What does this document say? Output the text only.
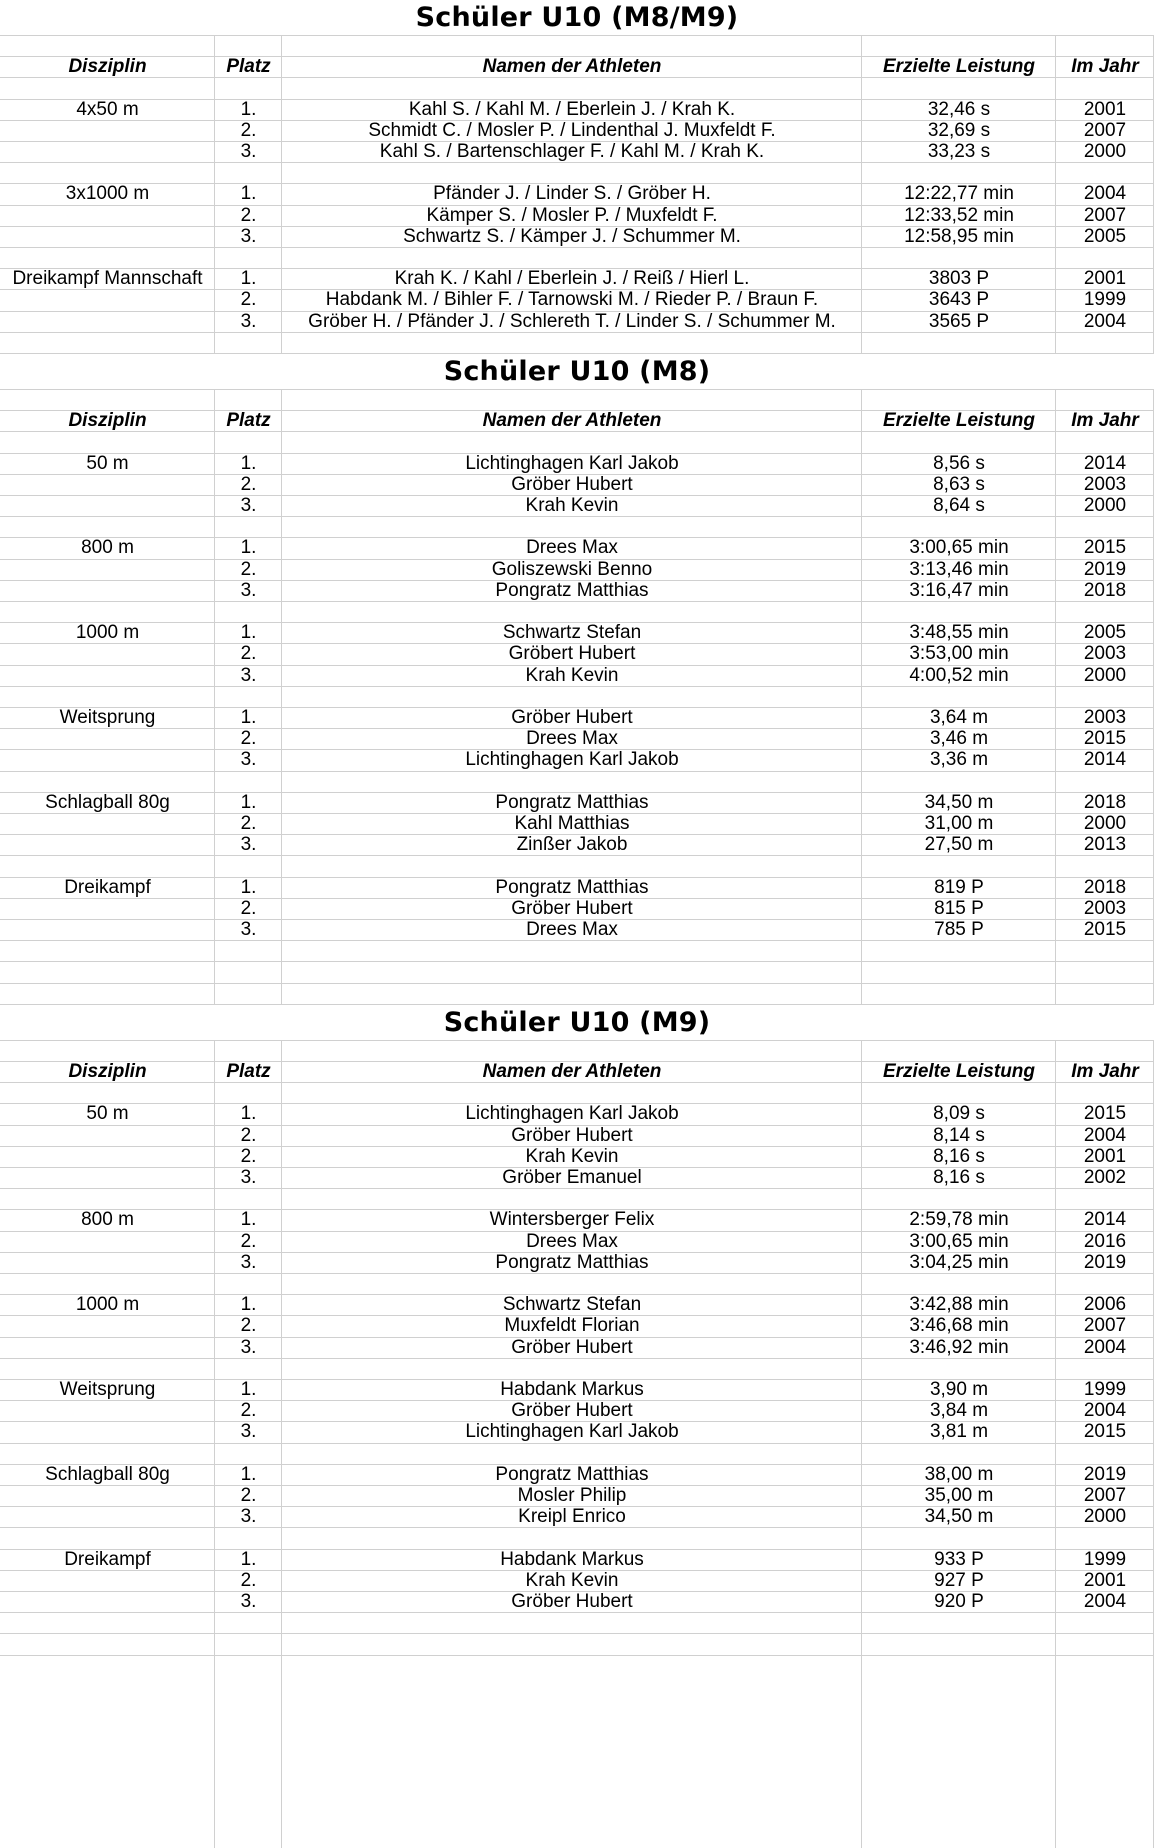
Schüler U10 (M8/M9)
Disziplin	Platz	Namen der Athleten	Erzielte Leistung	Im Jahr
4x50 m	1.	Kahl S. / Kahl M. / Eberlein J. / Krah K.	32,46 s	2001
2.	Schmidt C. / Mosler P. / Lindenthal J. Muxfeldt F.	32,69 s	2007
3.	Kahl S. / Bartenschlager F. / Kahl M. / Krah K.	33,23 s	2000
3x1000 m	1.	Pfänder J. / Linder S. / Gröber H.	12:22,77 min	2004
2.	Kämper S. / Mosler P. / Muxfeldt F.	12:33,52 min	2007
3.	Schwartz S. / Kämper J. / Schummer M.	12:58,95 min	2005
Dreikampf Mannschaft	1.	Krah K. / Kahl / Eberlein J. / Reiß / Hierl L.	3803 P	2001
2.	Habdank M. / Bihler F. / Tarnowski M. / Rieder P. / Braun F.	3643 P	1999
3.	Gröber H. / Pfänder J. / Schlereth T. / Linder S. / Schummer M.	3565 P	2004
Schüler U10 (M8)
Disziplin	Platz	Namen der Athleten	Erzielte Leistung	Im Jahr
50 m	1.	Lichtinghagen Karl Jakob	8,56 s	2014
2.	Gröber Hubert	8,63 s	2003
3.	Krah Kevin	8,64 s	2000
800 m	1.	Drees Max	3:00,65 min	2015
2.	Goliszewski Benno	3:13,46 min	2019
3.	Pongratz Matthias	3:16,47 min	2018
1000 m	1.	Schwartz Stefan	3:48,55 min	2005
2.	Gröbert Hubert	3:53,00 min	2003
3.	Krah Kevin	4:00,52 min	2000
Weitsprung	1.	Gröber Hubert	3,64 m	2003
2.	Drees Max	3,46 m	2015
3.	Lichtinghagen Karl Jakob	3,36 m	2014
Schlagball 80g	1.	Pongratz Matthias	34,50 m	2018
2.	Kahl Matthias	31,00 m	2000
3.	Zinßer Jakob	27,50 m	2013
Dreikampf	1.	Pongratz Matthias	819 P	2018
2.	Gröber Hubert	815 P	2003
3.	Drees Max	785 P	2015
Schüler U10 (M9)
Disziplin	Platz	Namen der Athleten	Erzielte Leistung	Im Jahr
50 m	1.	Lichtinghagen Karl Jakob	8,09 s	2015
2.	Gröber Hubert	8,14 s	2004
2.	Krah Kevin	8,16 s	2001
3.	Gröber Emanuel	8,16 s	2002
800 m	1.	Wintersberger Felix	2:59,78 min	2014
2.	Drees Max	3:00,65 min	2016
3.	Pongratz Matthias	3:04,25 min	2019
1000 m	1.	Schwartz Stefan	3:42,88 min	2006
2.	Muxfeldt Florian	3:46,68 min	2007
3.	Gröber Hubert	3:46,92 min	2004
Weitsprung	1.	Habdank Markus	3,90 m	1999
2.	Gröber Hubert	3,84 m	2004
3.	Lichtinghagen Karl Jakob	3,81 m	2015
Schlagball 80g	1.	Pongratz Matthias	38,00 m	2019
2.	Mosler Philip	35,00 m	2007
3.	Kreipl Enrico	34,50 m	2000
Dreikampf	1.	Habdank Markus	933 P	1999
2.	Krah Kevin	927 P	2001
3.	Gröber Hubert	920 P	2004
